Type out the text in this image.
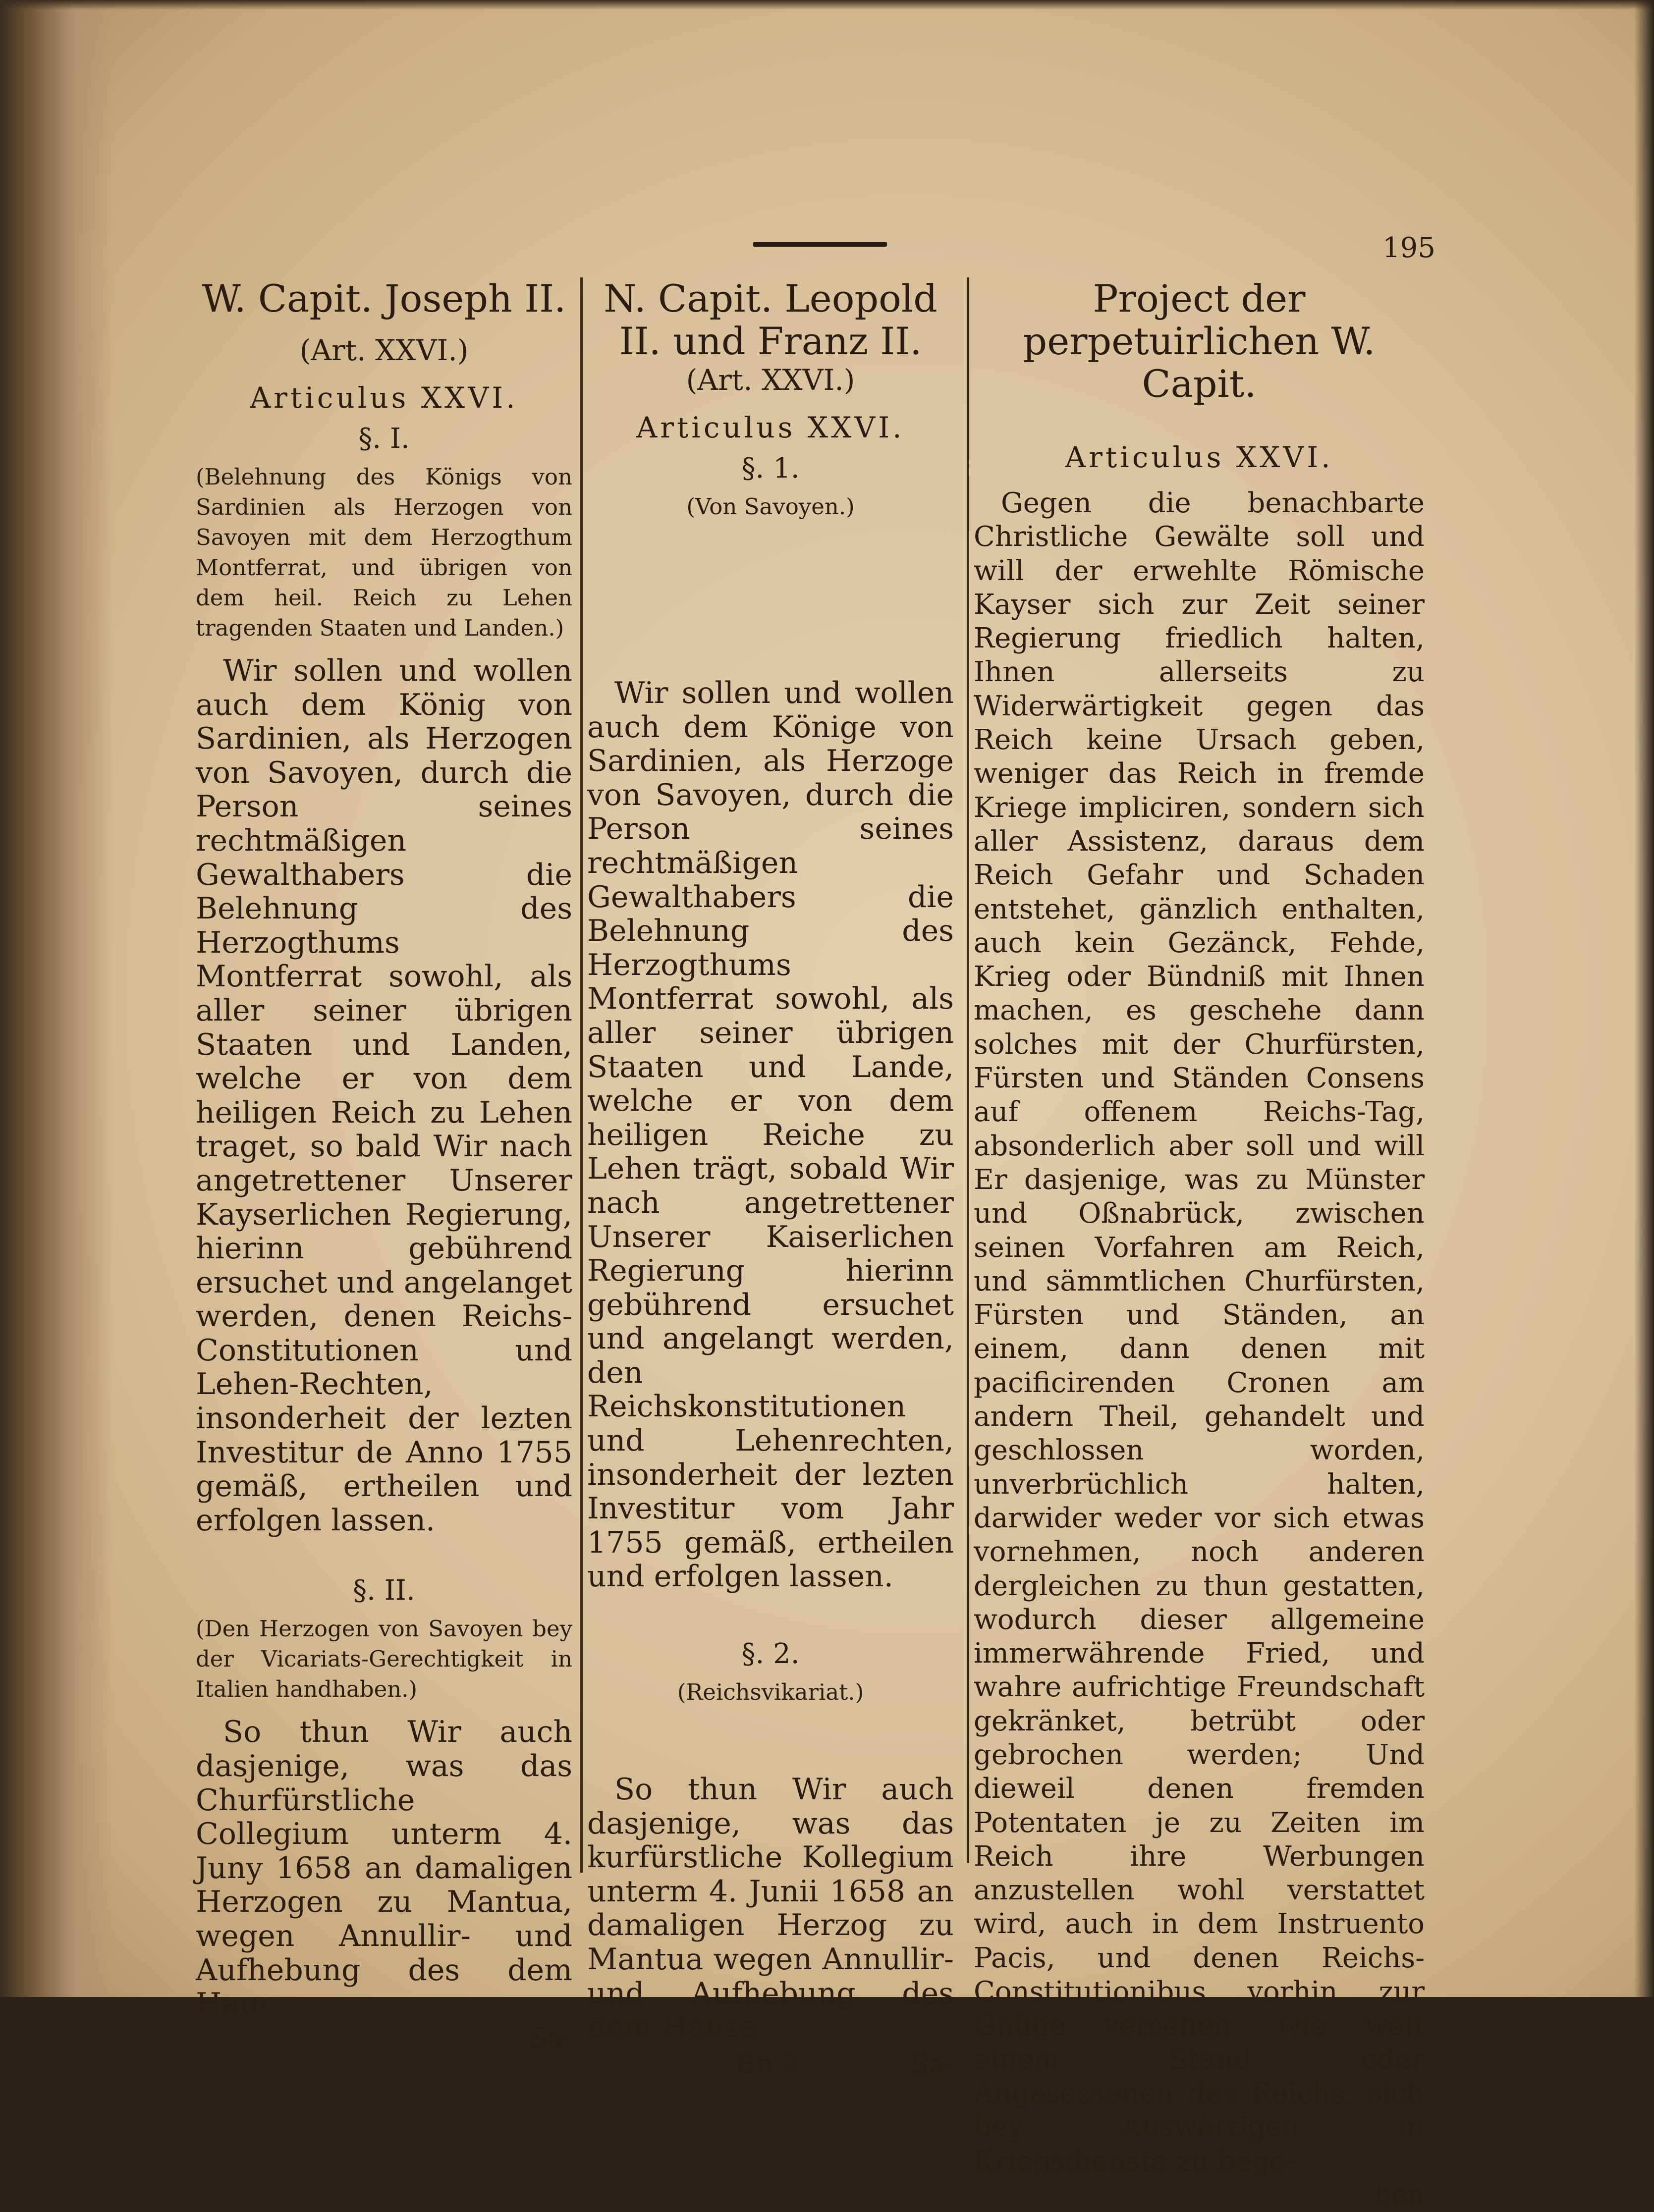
195
W. Capit. Joseph II.
(Art. XXVI.)
Articulus XXVI.
§. I.

(Belehnung des Königs von Sardinien als Herzogen von Savoyen mit dem Herzogthum Montferrat, und übrigen von dem heil. Reich zu Lehen tragenden Staaten und Landen.)

Wir sollen und wollen auch dem König von Sardinien, als Herzogen von Savoyen, durch die Person seines rechtmäßigen Gewalthabers die Belehnung des Herzogthums Montferrat sowohl, als aller seiner übrigen Staaten und Landen, welche er von dem heiligen Reich zu Lehen traget, so bald Wir nach angetrettener Unserer Kayserlichen Regierung, hierinn gebührend ersuchet und angelanget werden, denen Reichs-Constitutionen und Lehen-Rechten, insonderheit der lezten Investitur de Anno 1755 gemäß, ertheilen und erfolgen lassen.

§. II.

(Den Herzogen von Savoyen bey der Vicariats-Gerechtigkeit in Italien handhaben.)

So thun Wir auch dasjenige, was das Churfürstliche Collegium unterm 4. Juny 1658 an damaligen Herzogen zu Mantua, wegen Annullir- und Aufhebung des dem Hau-

Sa-

N. Capit. Leopold II. und Franz II.
(Art. XXVI.)
Articulus XXVI.
§. 1.

(Von Savoyen.)

Wir sollen und wollen auch dem Könige von Sardinien, als Herzoge von Savoyen, durch die Person seines rechtmäßigen Gewalthabers die Belehnung des Herzogthums Montferrat sowohl, als aller seiner übrigen Staaten und Lande, welche er von dem heiligen Reiche zu Lehen trägt, sobald Wir nach angetrettener Unserer Kaiserlichen Regierung hierinn gebührend ersuchet und angelangt werden, den Reichskonstitutionen und Lehenrechten, insonderheit der lezten Investitur vom Jahr 1755 gemäß, ertheilen und erfolgen lassen.

§. 2.

(Reichsvikariat.)

So thun Wir auch dasjenige, was das kurfürstliche Kollegium unterm 4. Junii 1658 an damaligen Herzog zu Mantua wegen Annullir- und Aufhebung des dem Hause

Bb 2	Sa-
Project der perpetuirlichen W. Capit.
Articulus XXVI.

Gegen die benachbarte Christliche Gewälte soll und will der erwehlte Römische Kayser sich zur Zeit seiner Regierung friedlich halten, Ihnen allerseits zu Widerwärtigkeit gegen das Reich keine Ursach geben, weniger das Reich in fremde Kriege impliciren, sondern sich aller Assistenz, daraus dem Reich Gefahr und Schaden entstehet, gänzlich enthalten, auch kein Gezänck, Fehde, Krieg oder Bündniß mit Ihnen machen, es geschehe dann solches mit der Churfürsten, Fürsten und Ständen Consens auf offenem Reichs-Tag, absonderlich aber soll und will Er dasjenige, was zu Münster und Oßnabrück, zwischen seinen Vorfahren am Reich, und sämmtlichen Churfürsten, Fürsten und Ständen, an einem, dann denen mit pacificirenden Cronen am andern Theil, gehandelt und geschlossen worden, unverbrüchlich halten, darwider weder vor sich etwas vornehmen, noch anderen dergleichen zu thun gestatten, wodurch dieser allgemeine immerwährende Fried, und wahre aufrichtige Freundschaft gekränket, betrübt oder gebrochen werden; Und dieweil denen fremden Potentaten je zu Zeiten im Reich ihre Werbungen anzustellen wohl verstattet wird, auch in dem Instruento Pacis, und denen Reichs-Constitutionibus vorhin zur Gnüge versehen, wie weit einem Stand oder Angesessenen des Reichs, sich bey Auswärtigen in Kriegsdienste zu bege-

ben
